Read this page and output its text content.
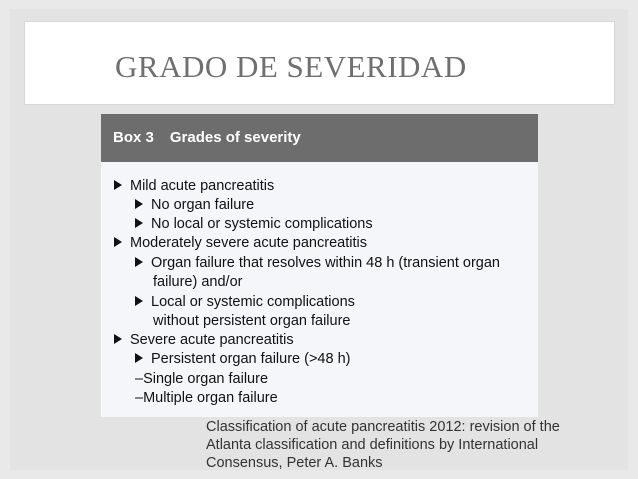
GRADO DE SEVERIDAD
Box 3 Grades of severity
Mild acute pancreatitis
No organ failure
No local or systemic complications
Moderately severe acute pancreatitis
Organ failure that resolves within 48 h (transient organ
failure) and/or
Local or systemic complications
without persistent organ failure
Severe acute pancreatitis
Persistent organ failure (>48 h)
–Single organ failure
–Multiple organ failure
Classification of acute pancreatitis 2012: revision of the
Atlanta classification and definitions by International
Consensus, Peter A. Banks
